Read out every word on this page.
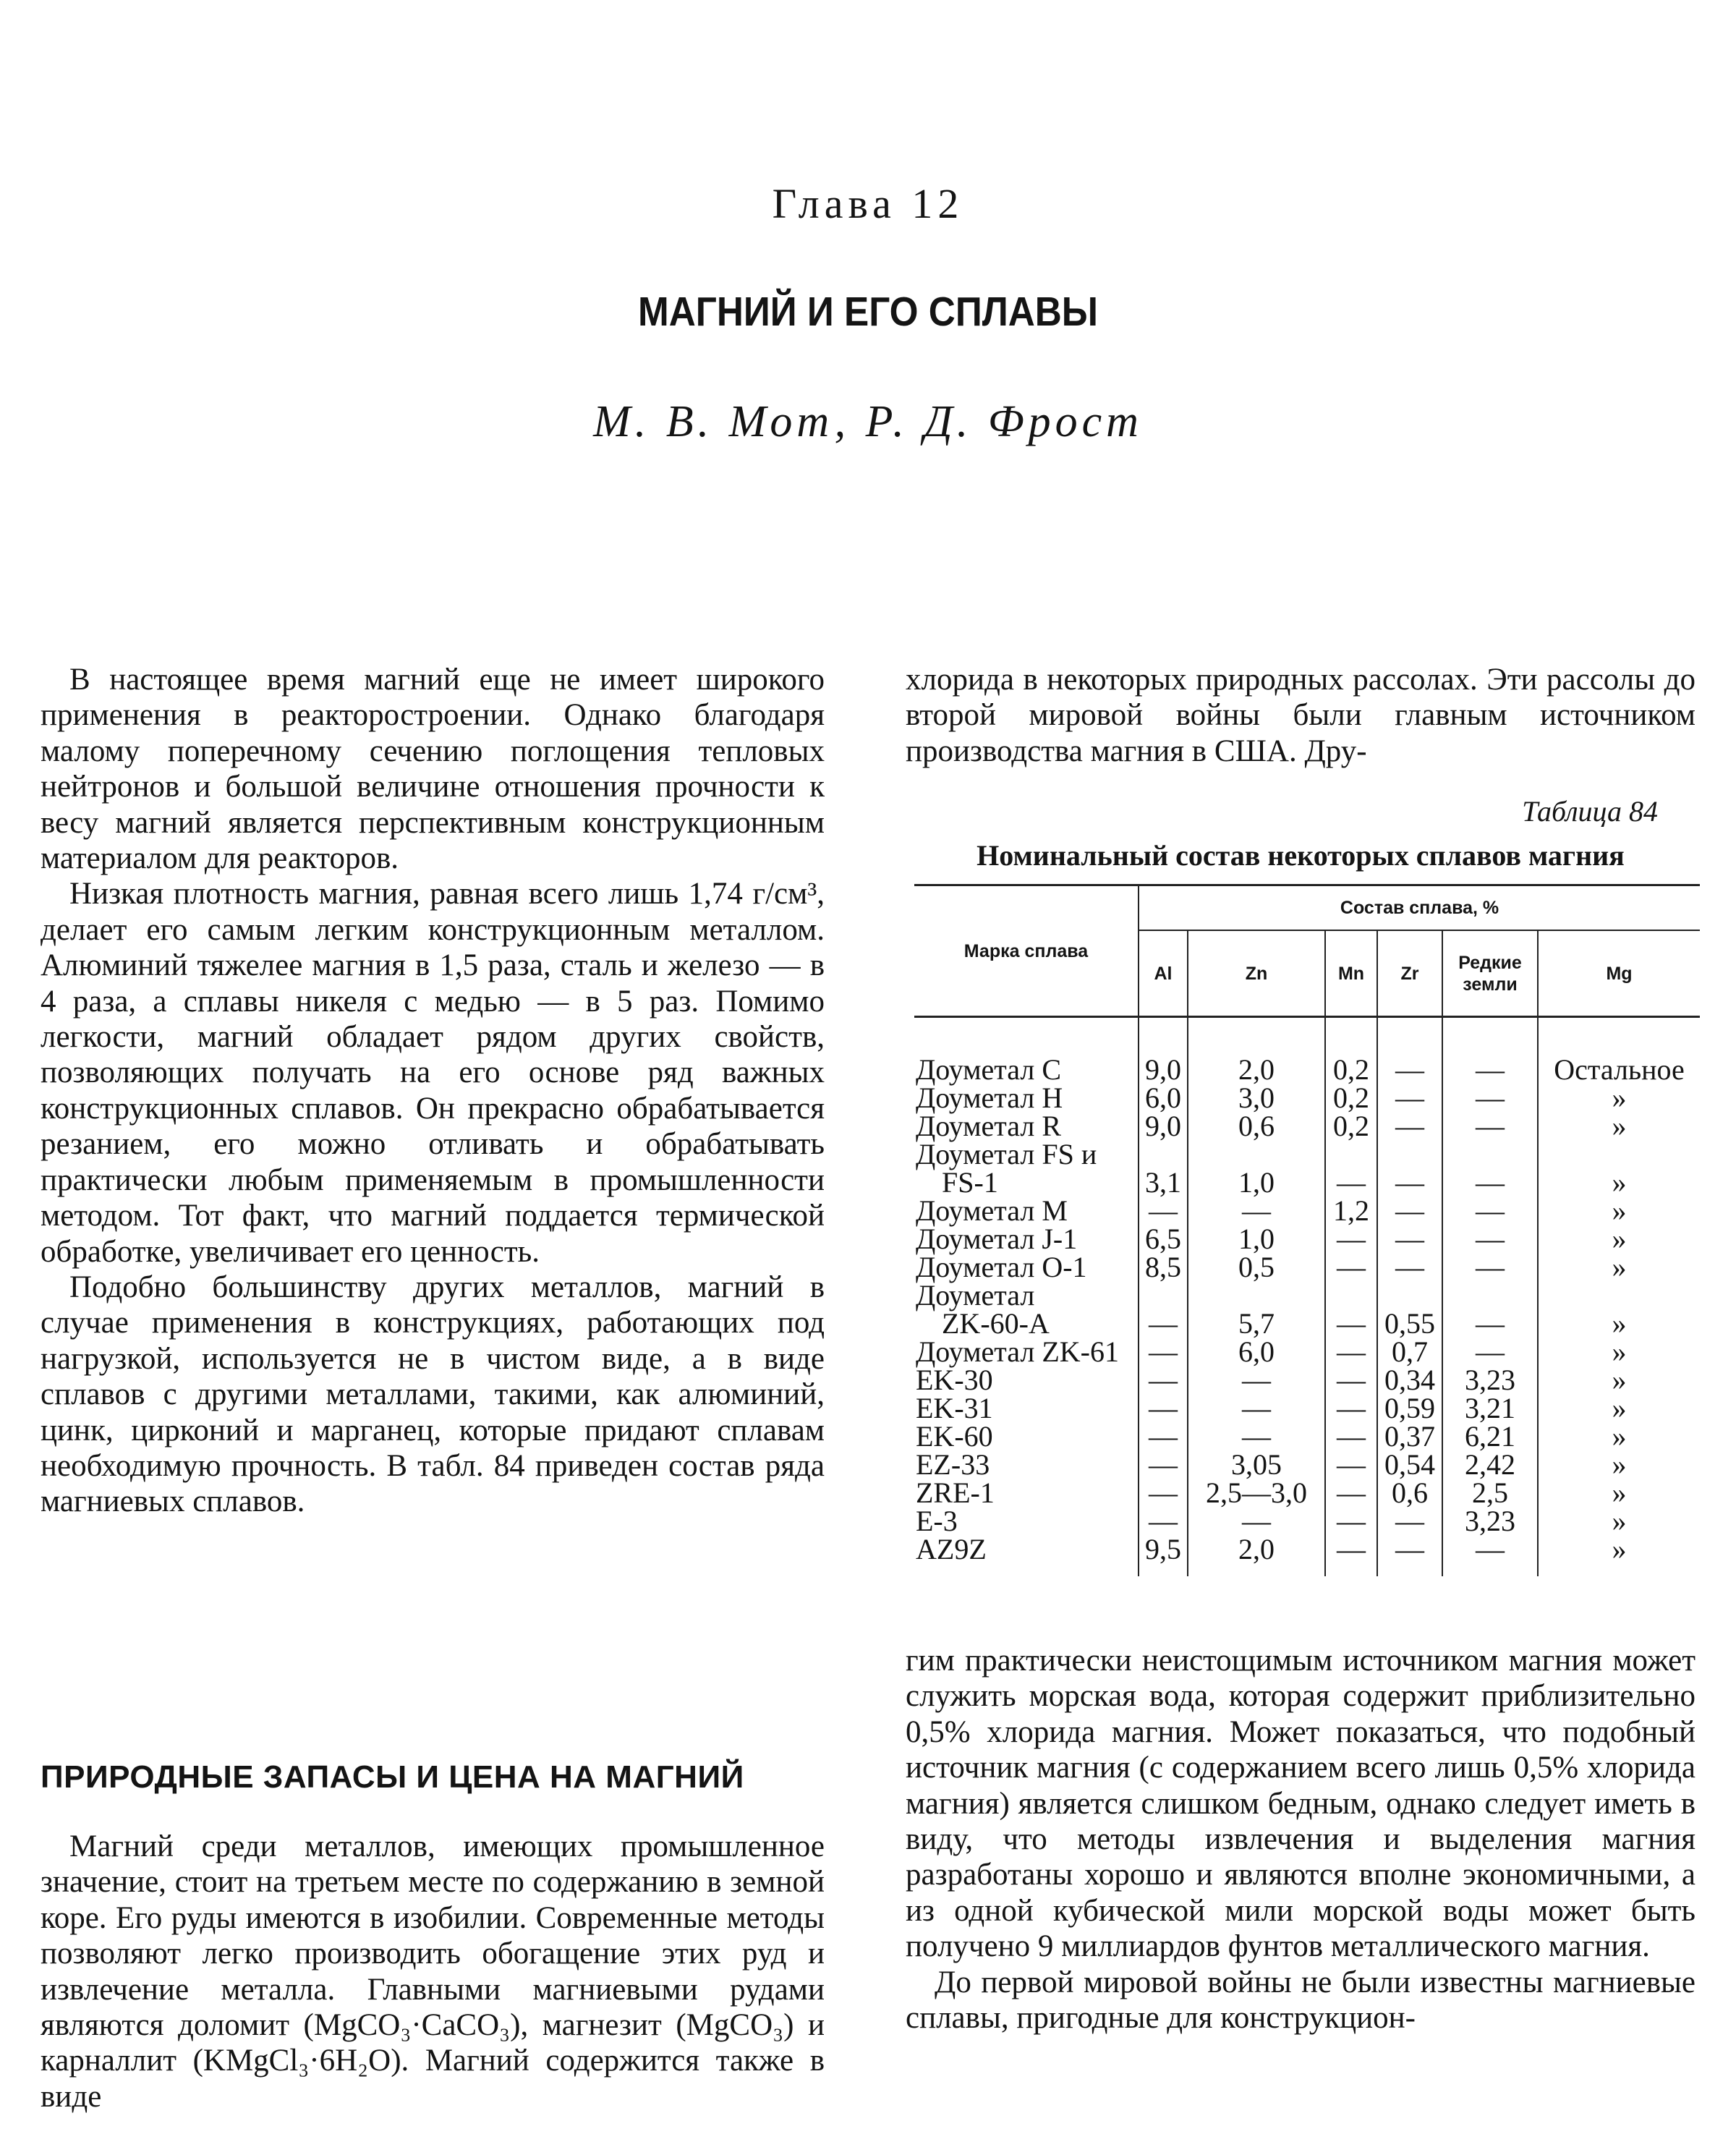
Глава 12
МАГНИЙ И ЕГО СПЛАВЫ
М. В. Мот, Р. Д. Фрост

В настоящее время магний еще не имеет широкого применения в реакторостроении. Однако благодаря малому поперечному сечению поглощения тепловых нейтронов и большой величине отношения прочности к весу магний является перспективным конструкционным материалом для реакторов.

Низкая плотность магния, равная всего лишь 1,74 г/см³, делает его самым легким конструкционным металлом. Алюминий тяжелее магния в 1,5 раза, сталь и железо — в 4 раза, а сплавы никеля с медью — в 5 раз. Помимо легкости, магний обладает рядом других свойств, позволяющих получать на его основе ряд важных конструкционных сплавов. Он прекрасно обрабатывается резанием, его можно отливать и обрабатывать практически любым применяемым в промышленности методом. Тот факт, что магний поддается термической обработке, увеличивает его ценность.

Подобно большинству других металлов, магний в случае применения в конструкциях, работающих под нагрузкой, используется не в чистом виде, а в виде сплавов с другими металлами, такими, как алюминий, цинк, цирконий и марганец, которые придают сплавам необходимую прочность. В табл. 84 приведен состав ряда магниевых сплавов.

ПРИРОДНЫЕ ЗАПАСЫ И ЦЕНА НА МАГНИЙ

Магний среди металлов, имеющих промышленное значение, стоит на третьем месте по содержанию в земной коре. Его руды имеются в изобилии. Современные методы позволяют легко производить обогащение этих руд и извлечение металла. Главными магниевыми рудами являются доломит (MgCO₃·CaCO₃), магнезит (MgCO₃) и карналлит (KMgCl₃·6H₂O). Магний содержится также в виде

хлорида в некоторых природных рассолах. Эти рассолы до второй мировой войны были главным источником производства магния в США. Дру-

Таблица 84
Номинальный состав некоторых сплавов магния
Марка сплава	Состав сплава, %					
	Al	Zn	Mn	Zr	Редкие земли	Mg

Доуметал C	9,0	2,0	0,2	—	—	Остальное

Доуметал H	6,0	3,0	0,2	—	—	»

Доуметал R	9,0	0,6	0,2	—	—	»

Доуметал FS и
FS-1	3,1	1,0	—	—	—	»

Доуметал M	—	—	1,2	—	—	»

Доуметал J-1	6,5	1,0	—	—	—	»

Доуметал O-1	8,5	0,5	—	—	—	»

Доуметал
ZK-60-A	—	5,7	—	0,55	—	»

Доуметал ZK-61	—	6,0	—	0,7	—	»

EK-30	—	—	—	0,34	3,23	»

EK-31	—	—	—	0,59	3,21	»

EK-60	—	—	—	0,37	6,21	»

EZ-33	—	3,05	—	0,54	2,42	»

ZRE-1	—	2,5—3,0	—	0,6	2,5	»

E-3	—	—	—	—	3,23	»

AZ9Z	9,5	2,0	—	—	—	»

гим практически неистощимым источником магния может служить морская вода, которая содержит приблизительно 0,5% хлорида магния. Может показаться, что подобный источник магния (с содержанием всего лишь 0,5% хлорида магния) является слишком бедным, однако следует иметь в виду, что методы извлечения и выделения магния разработаны хорошо и являются вполне экономичными, а из одной кубической мили морской воды может быть получено 9 миллиардов фунтов металлического магния.

До первой мировой войны не были известны магниевые сплавы, пригодные для конструкцион-
